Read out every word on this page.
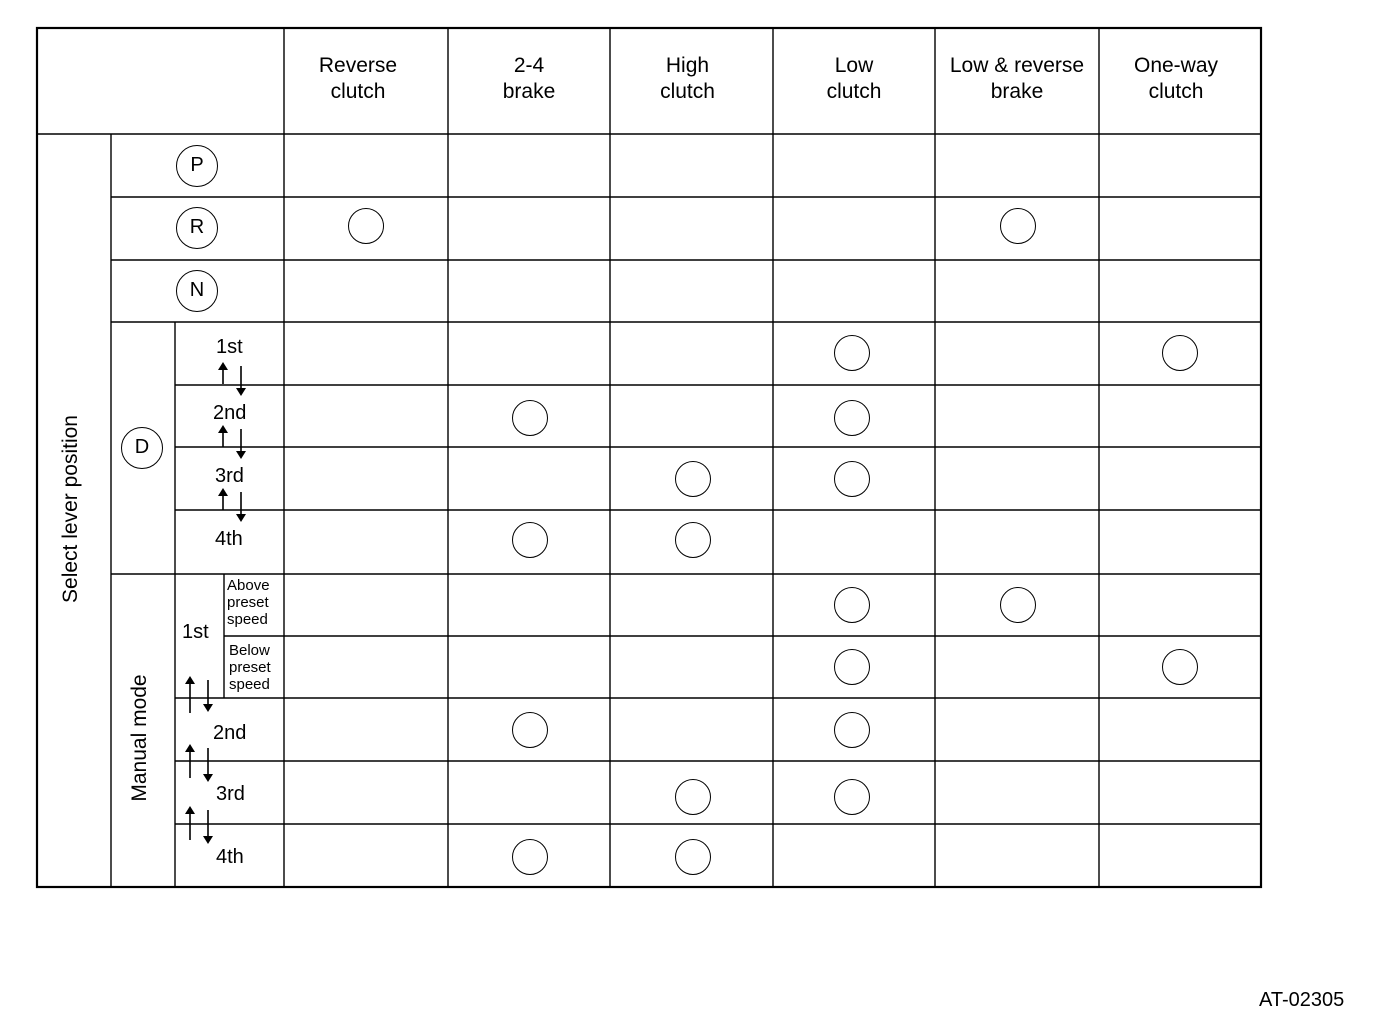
Reverse
clutch
2-4
brake
High
clutch
Low
clutch
Low & reverse
brake
One-way
clutch
Select lever position
Manual mode
P
R
N
D
1st
2nd
3rd
4th
1st
Above
preset
speed
Below
preset
speed
2nd
3rd
4th
AT-02305
